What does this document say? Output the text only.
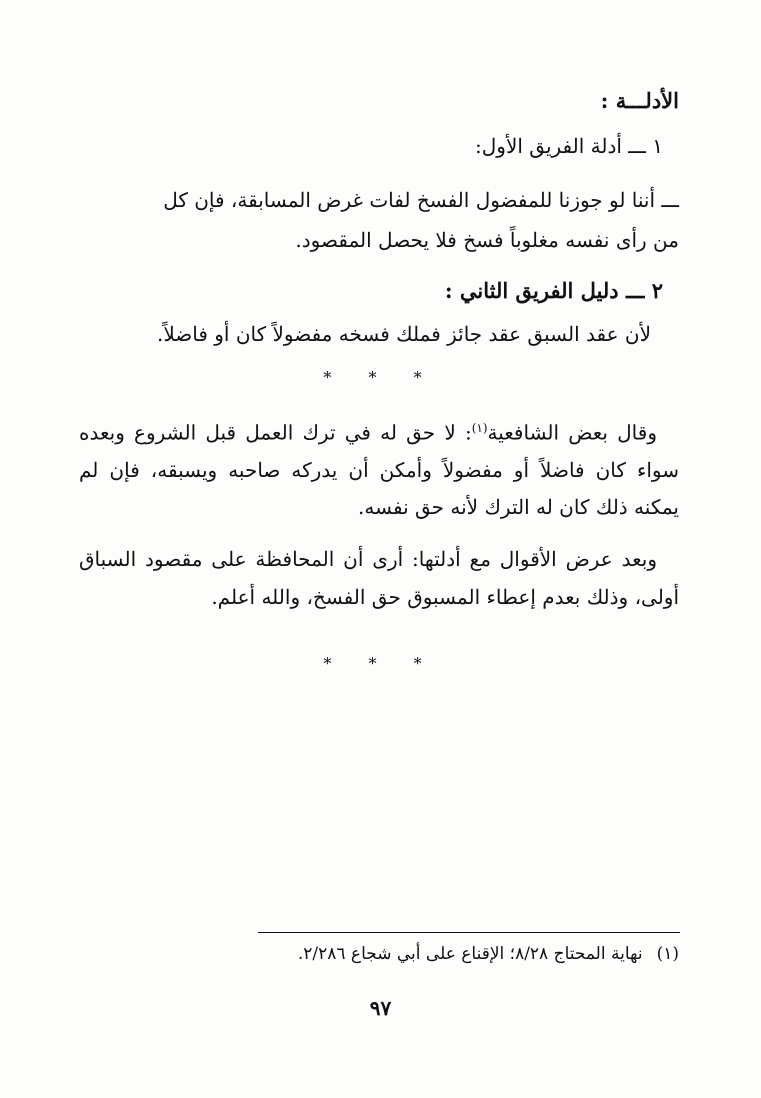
الأدلـــة :

١ ـــ أدلة الفريق الأول:

ـــ أننا لو جوزنا للمفضول الفسخ لفات غرض المسابقة، فإن كل
من رأى نفسه مغلوباً فسخ فلا يحصل المقصود.

٢ ـــ دليل الفريق الثاني :

لأن عقد السبق عقد جائز فملك فسخه مفضولاً كان أو فاضلاً.

* * *

وقال بعض الشافعية$^{(١)}$: لا حق له في ترك العمل قبل الشروع وبعده سواء كان فاضلاً أو مفضولاً وأمكن أن يدركه صاحبه ويسبقه، فإن لم يمكنه ذلك كان له الترك لأنه حق نفسه.

وبعد عرض الأقوال مع أدلتها: أرى أن المحافظة على مقصود السباق أولى، وذلك بعدم إعطاء المسبوق حق الفسخ، والله أعلم.

* * *

(١)نهاية المحتاج ٨/٢٨؛ الإقناع على أبي شجاع ٢/٢٨٦.

٩٧
